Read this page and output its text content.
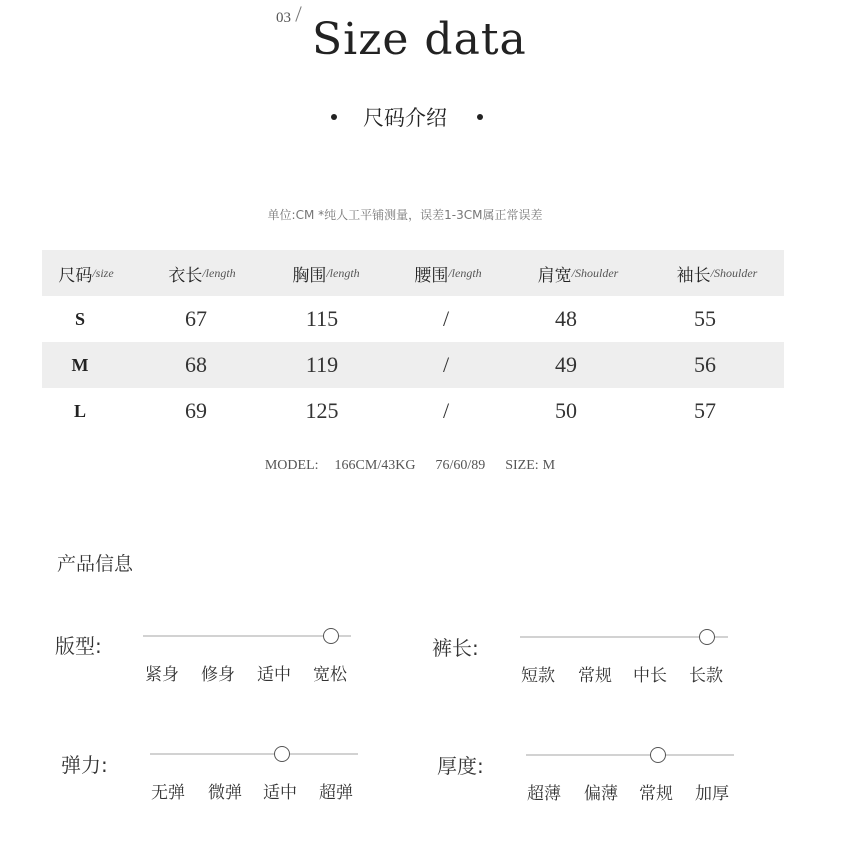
03 Size data
尺码介绍
单位:CM *纯人工平铺测量，误差1-3CM属正常误差
尺码 /size	衣长 /length	胸围 /length	腰围 /length	肩宽 /Shoulder	袖长 /Shoulder
S	67	115	/	48	55
M	68	119	/	49	56
L	69	125	/	50	57
MODEL: 166CM/43KG 76/60/89 SIZE: M
产品信息
版型:
紧身 修身 适中 宽松
裤长:
短款 常规 中长 长款
弹力:
无弹 微弹 适中 超弹
厚度:
超薄 偏薄 常规 加厚
